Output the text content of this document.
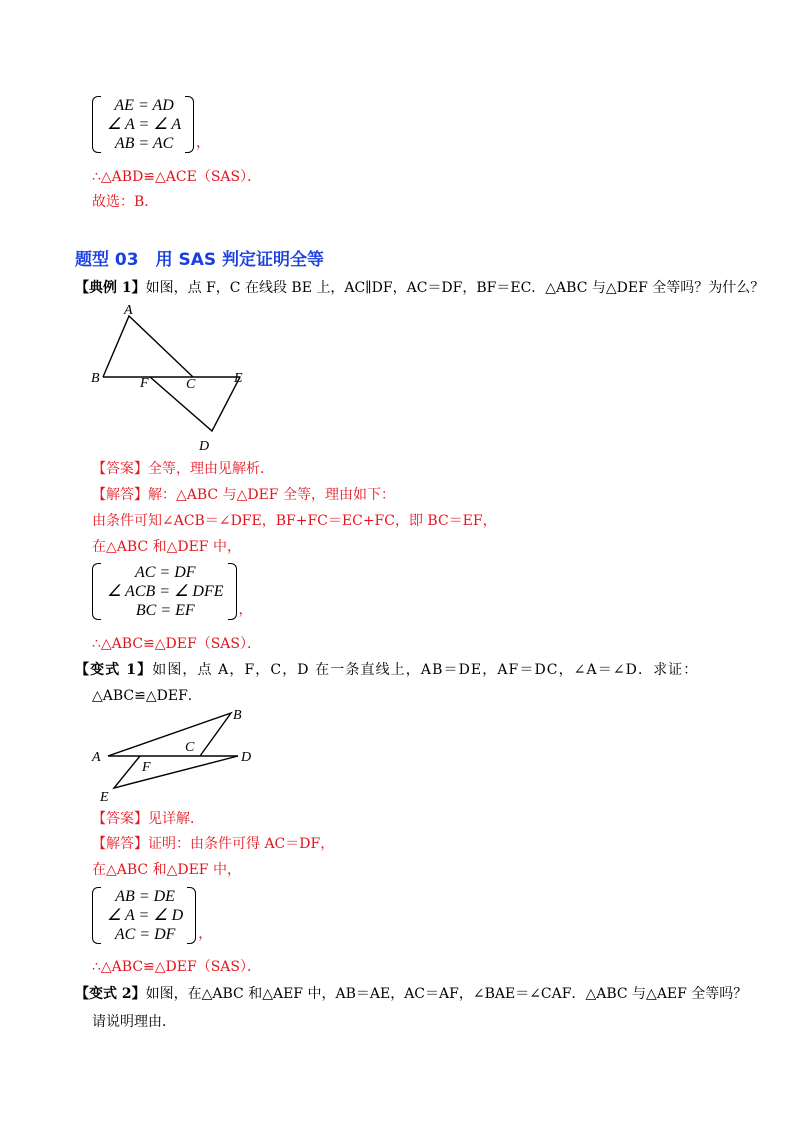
AE = AD
∠ A = ∠ A
AB = AC ，
∴△ABD≌△ACE（SAS）．
故选：B．
题型 03　用 SAS 判定证明全等
【典例 1】如图，点 F，C 在线段 BE 上，AC∥DF，AC＝DF，BF＝EC．△ABC 与△DEF 全等吗？为什么？
A
B	F	C	E
D
【答案】全等，理由见解析．
【解答】解：△ABC 与△DEF 全等，理由如下：
由条件可知∠ACB＝∠DFE，BF+FC＝EC+FC，即 BC＝EF，
在△ABC 和△DEF 中，
AC = DF
∠ ACB = ∠ DFE
BC = EF	，
∴△ABC≌△DEF（SAS）．
【变式 1】如图，点 A，F，C，D 在一条直线上，AB＝DE，AF＝DC，∠A＝∠D．求证：
△ABC≌△DEF．
B
C
A
F
D
E
【答案】见详解．
【解答】证明：由条件可得 AC＝DF，
在△ABC 和△DEF 中，
AB = DE
∠ A = ∠ D
AC = DF ，
∴△ABC≌△DEF（SAS）．
【变式 2】如图，在△ABC 和△AEF 中，AB＝AE，AC＝AF，∠BAE＝∠CAF．△ABC 与△AEF 全等吗？
请说明理由．
